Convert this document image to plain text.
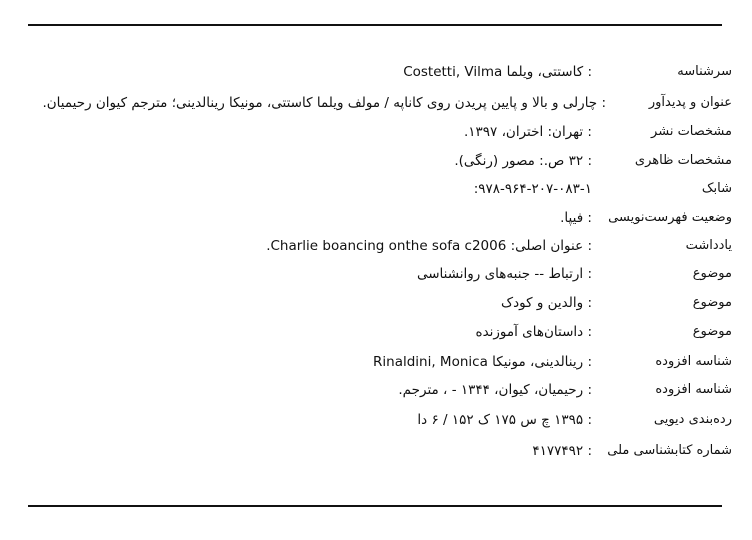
سرشناسه
: کاستتی، ویلما Costetti, Vilma
عنوان و پدیدآور
: چارلی و بالا و پایین پریدن روی کاناپه / مولف ویلما کاستتی، مونیکا رینالدینی؛ مترجم کیوان رحیمیان.
مشخصات نشر
: تهران: اختران، ۱۳۹۷.
مشخصات ظاهری
: ۳۲ ص.: مصور (رنگی).
شابک
۹۷۸-۹۶۴-۲۰۷-۰۸۳-۱:
وضعیت فهرست‌نویسی
: فیپا.
یادداشت
: عنوان اصلی: Charlie boancing onthe sofa c2006.
موضوع
: ارتباط -- جنبه‌های روانشناسی
موضوع
: والدین و کودک
موضوع
: داستان‌های آموزنده
شناسه افزوده
: رینالدینی، مونیکا Rinaldini, Monica
شناسه افزوده
: رحیمیان، کیوان، ۱۳۴۴ - ، مترجم.
رده‌بندی دیویی
: ۱۳۹۵ چ س ۱۷۵ ک ۱۵۲ / ۶ دا
شماره کتابشناسی ملی
: ۴۱۷۷۴۹۲
